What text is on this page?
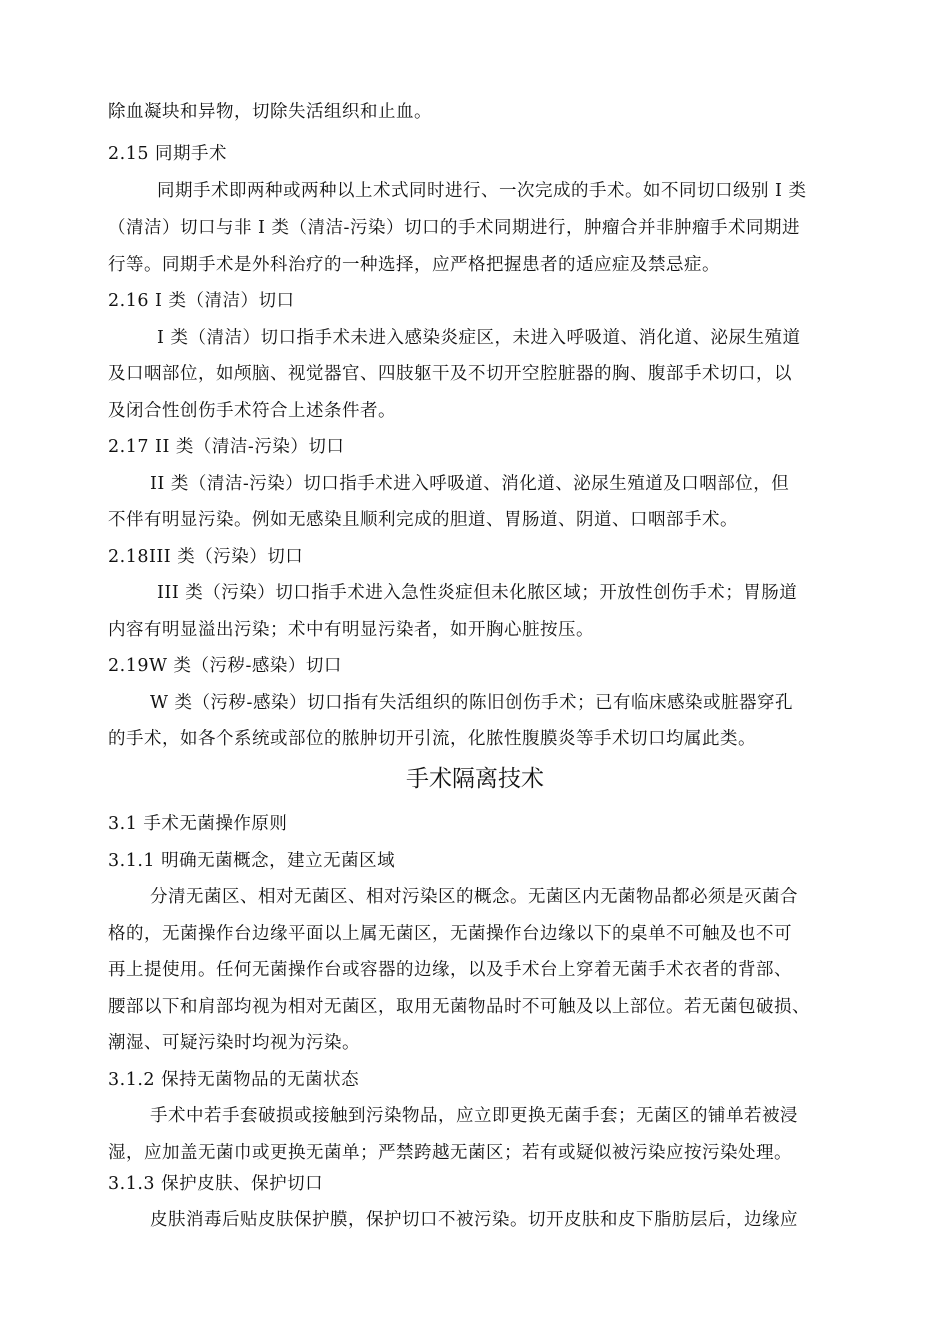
除血凝块和异物，切除失活组织和止血。
2.15 同期手术
同期手术即两种或两种以上术式同时进行、一次完成的手术。如不同切口级别 I 类
（清洁）切口与非 I 类（清洁-污染）切口的手术同期进行，肿瘤合并非肿瘤手术同期进
行等。同期手术是外科治疗的一种选择，应严格把握患者的适应症及禁忌症。
2.16 I 类（清洁）切口
I 类（清洁）切口指手术未进入感染炎症区，未进入呼吸道、消化道、泌尿生殖道
及口咽部位，如颅脑、视觉器官、四肢躯干及不切开空腔脏器的胸、腹部手术切口，以
及闭合性创伤手术符合上述条件者。
2.17 II 类（清洁-污染）切口
II 类（清洁-污染）切口指手术进入呼吸道、消化道、泌尿生殖道及口咽部位，但
不伴有明显污染。例如无感染且顺利完成的胆道、胃肠道、阴道、口咽部手术。
2.18III 类（污染）切口
III 类（污染）切口指手术进入急性炎症但未化脓区域；开放性创伤手术；胃肠道
内容有明显溢出污染；术中有明显污染者，如开胸心脏按压。
2.19W 类（污秽-感染）切口
W 类（污秽-感染）切口指有失活组织的陈旧创伤手术；已有临床感染或脏器穿孔
的手术，如各个系统或部位的脓肿切开引流，化脓性腹膜炎等手术切口均属此类。
手术隔离技术
3.1 手术无菌操作原则
3.1.1 明确无菌概念，建立无菌区域
分清无菌区、相对无菌区、相对污染区的概念。无菌区内无菌物品都必须是灭菌合
格的，无菌操作台边缘平面以上属无菌区，无菌操作台边缘以下的桌单不可触及也不可
再上提使用。任何无菌操作台或容器的边缘，以及手术台上穿着无菌手术衣者的背部、
腰部以下和肩部均视为相对无菌区，取用无菌物品时不可触及以上部位。若无菌包破损、
潮湿、可疑污染时均视为污染。
3.1.2 保持无菌物品的无菌状态
手术中若手套破损或接触到污染物品，应立即更换无菌手套；无菌区的铺单若被浸
湿，应加盖无菌巾或更换无菌单；严禁跨越无菌区；若有或疑似被污染应按污染处理。
3.1.3 保护皮肤、保护切口
皮肤消毒后贴皮肤保护膜，保护切口不被污染。切开皮肤和皮下脂肪层后，边缘应
